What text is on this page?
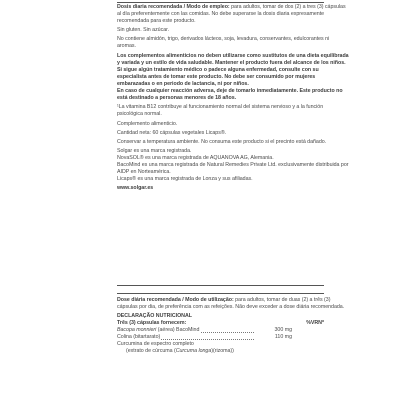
Dosis diaria recomendada / Modo de empleo: para adultos, tomar de dos (2) a tres (3) cápsulas al día preferentemente con las comidas. No debe superarse la dosis diaria expresamente recomendada para este producto.

Sin gluten. Sin azúcar.

No contiene almidón, trigo, derivados lácteos, soja, levadura, conservantes, edulcorantes ni aromas.

Los complementos alimenticios no deben utilizarse como sustitutos de una dieta equilibrada y variada y un estilo de vida saludable. Mantener el producto fuera del alcance de los niños. Si sigue algún tratamiento médico o padece alguna enfermedad, consulte con su especialista antes de tomar este producto. No debe ser consumido por mujeres embarazadas o en periodo de lactancia, ni por niños.
En caso de cualquier reacción adversa, deje de tomarlo inmediatamente. Este producto no está destinado a personas menores de 18 años.

¹La vitamina B12 contribuye al funcionamiento normal del sistema nervioso y a la función psicológica normal.

Complemento alimenticio.

Cantidad neta: 60 cápsulas vegetales Licaps®.

Conservar a temperatura ambiente. No consuma este producto si el precinto está dañado.

Solgar es una marca registrada.
NovaSOL® es una marca registrada de AQUANOVA AG, Alemania.
BacoMind es una marca registrada de Natural Remedies Private Ltd. exclusivamente distribuida por AIDP en Norteamérica.
Licaps® es una marca registrada de Lonza y sus afiliadas.

www.solgar.es

Dose diária recomendada / Modo de utilização: para adultos, tomar de duas (2) a três (3) cápsulas por dia, de preferência com as refeições. Não deve exceder a dose diária recomendada.

DECLARAÇÃO NUTRICIONAL
Três (3) cápsulas fornecem:	%VRN*
Bacopa monnieri (aérea) BacoMind	300 mg
Colina (bitartarato)	110 mg
Curcumina de espectro completo
(extrato de cúrcuma (Curcuma longa)(rizoma))
